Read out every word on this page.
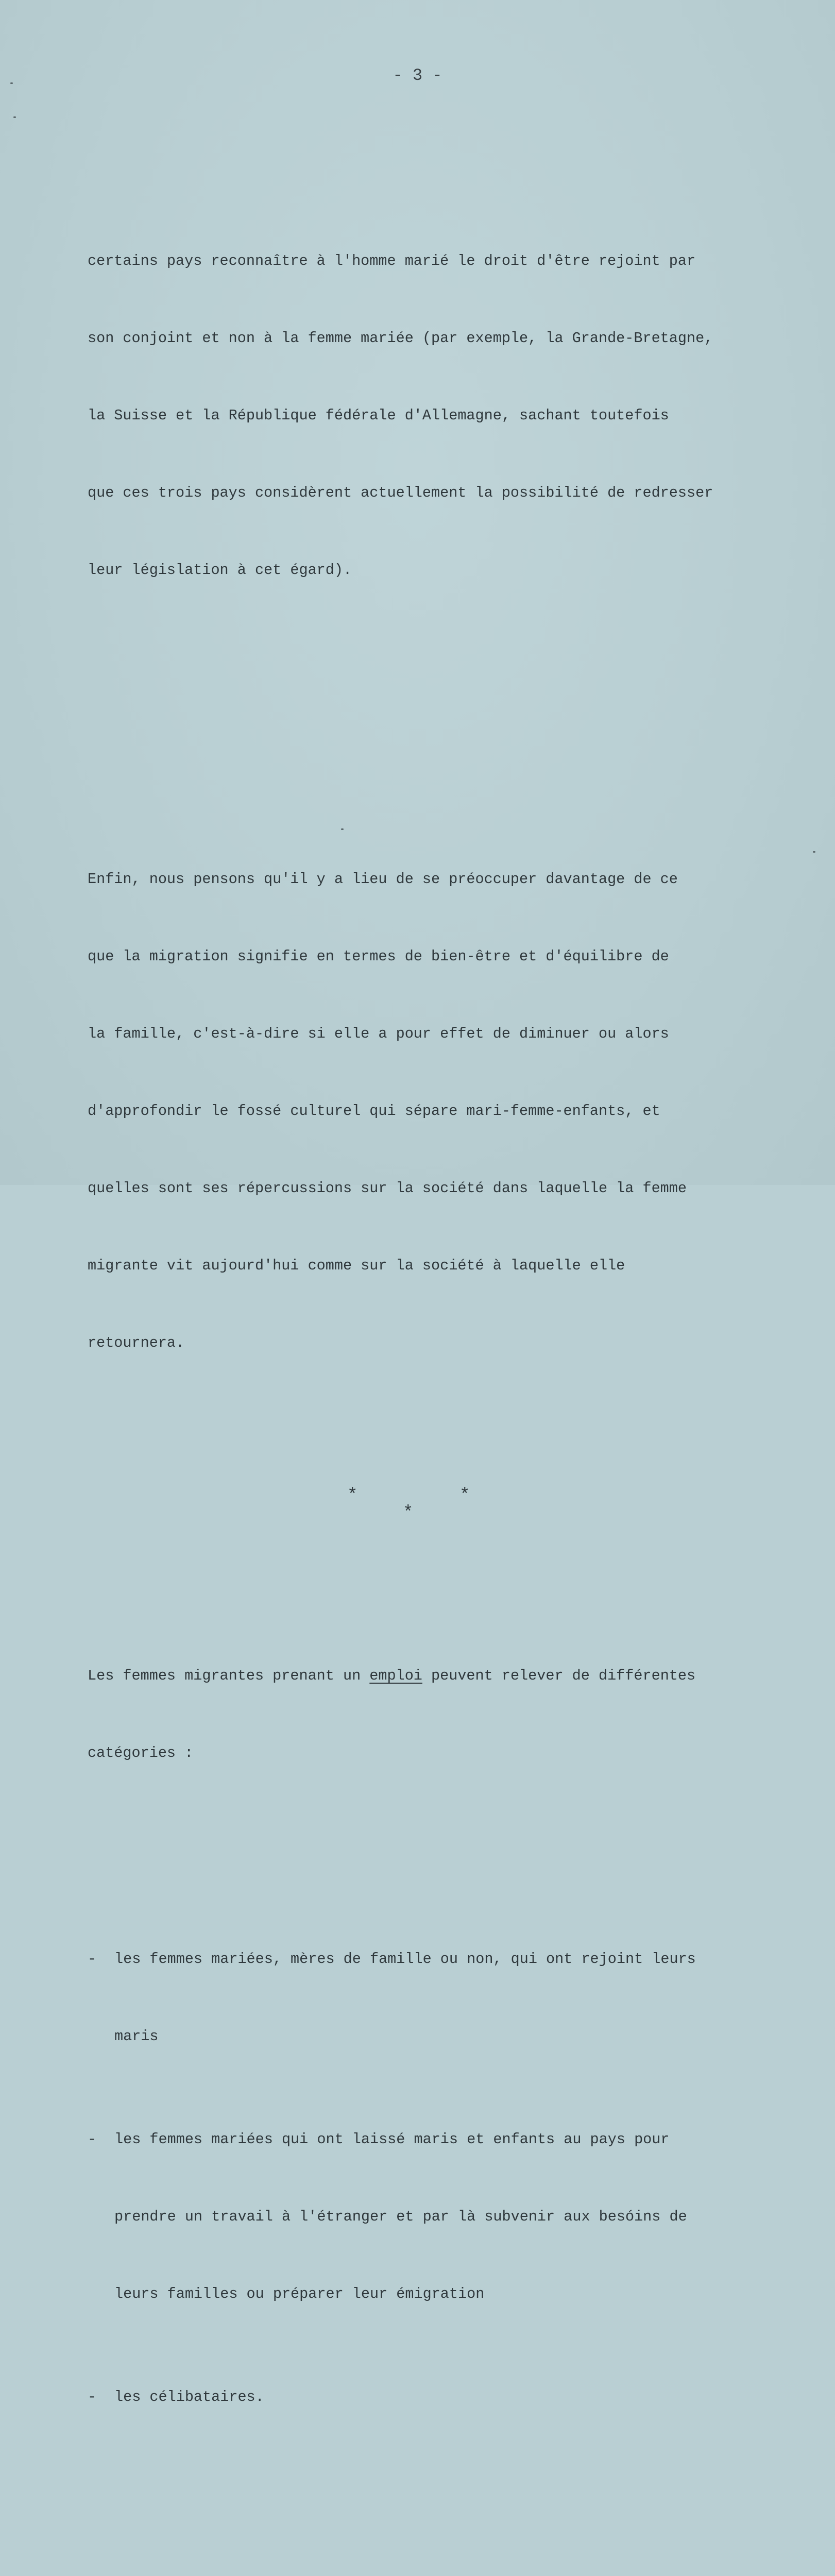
- 3 -

certains pays reconnaître à l'homme marié le droit d'être rejoint par

son conjoint et non à la femme mariée (par exemple, la Grande-Bretagne,

la Suisse et la République fédérale d'Allemagne, sachant toutefois

que ces trois pays considèrent actuellement la possibilité de redresser

leur législation à cet égard).

Enfin, nous pensons qu'il y a lieu de se préoccuper davantage de ce

que la migration signifie en termes de bien-être et d'équilibre de

la famille, c'est-à-dire si elle a pour effet de diminuer ou alors

d'approfondir le fossé culturel qui sépare mari-femme-enfants, et

quelles sont ses répercussions sur la société dans laquelle la femme

migrante vit aujourd'hui comme sur la société à laquelle elle

retournera.

*

	*

*

Les femmes migrantes prenant un emploi peuvent relever de différentes

catégories :

- les femmes mariées, mères de famille ou non, qui ont rejoint leurs

maris

- les femmes mariées qui ont laissé maris et enfants au pays pour

prendre un travail à l'étranger et par là subvenir aux besóins de

leurs familles ou préparer leur émigration

- les célibataires.
